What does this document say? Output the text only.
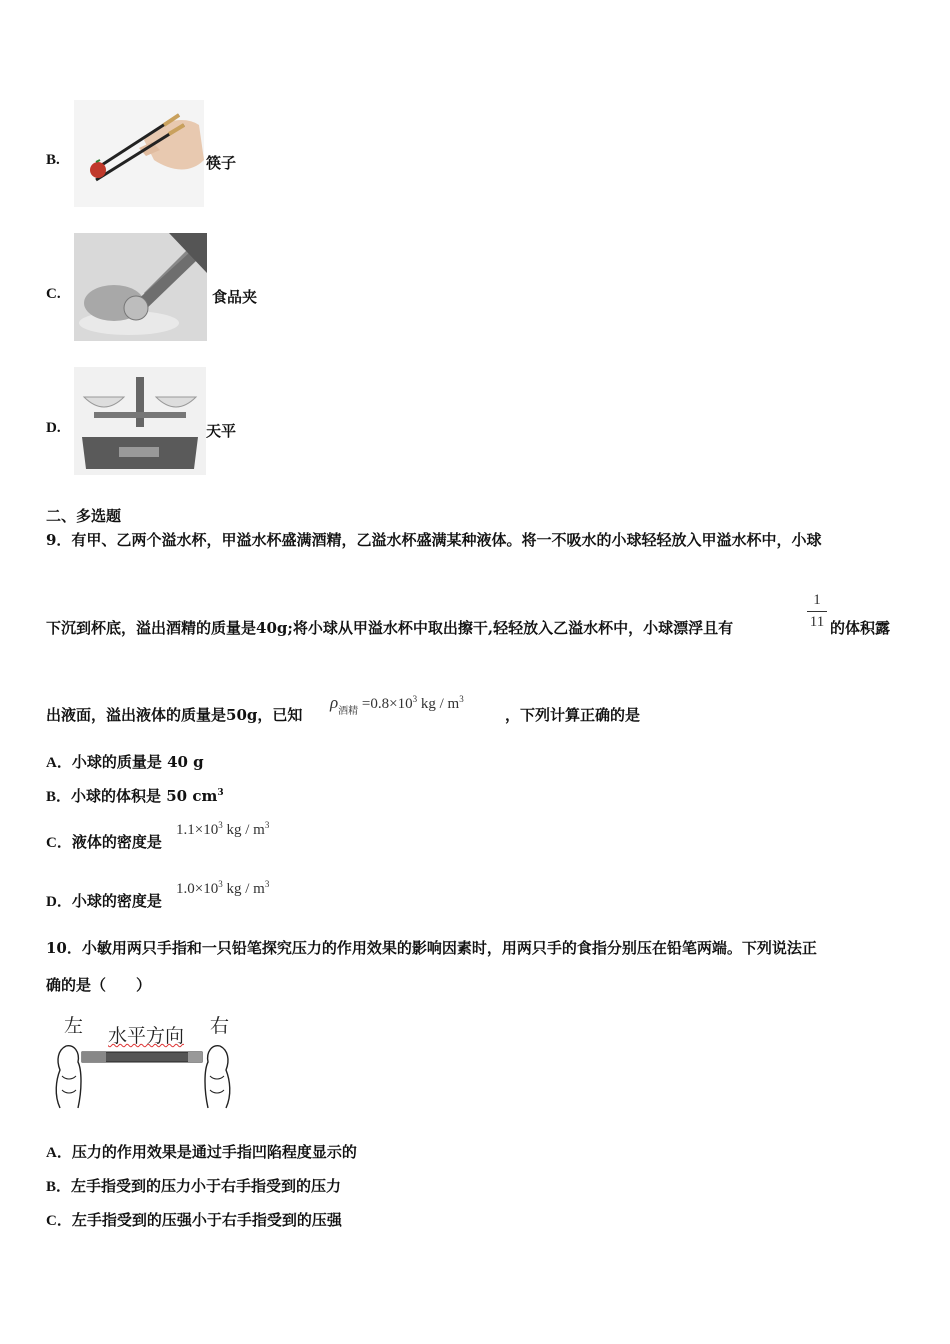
B.	筷子
C.	食品夹
D.	天平
二、多选题
9．有甲、乙两个溢水杯，甲溢水杯盛满酒精，乙溢水杯盛满某种液体。将一不吸水的小球轻轻放入甲溢水杯中，小球
下沉到杯底，溢出酒精的质量是40g;将小球从甲溢水杯中取出擦干,轻轻放入乙溢水杯中，小球漂浮且有
1
11 的体积露
出液面，溢出液体的质量是50g，已知
$\rho_{酒精} =0.8\times 10^3$ kg / $m^3$
，下列计算正确的是
A．小球的质量是 40 g
B．小球的体积是 50 $cm^3$
C．液体的密度是
$1.1\times 10^3$ kg / $m^3$
D．小球的密度是
$1.0\times 10^3$ kg / $m^3$
10．小敏用两只手指和一只铅笔探究压力的作用效果的影响因素时，用两只手的食指分别压在铅笔两端。下列说法正
确的是（　　）
左 水平方向 右
A．压力的作用效果是通过手指凹陷程度显示的
B．左手指受到的压力小于右手指受到的压力
C．左手指受到的压强小于右手指受到的压强
